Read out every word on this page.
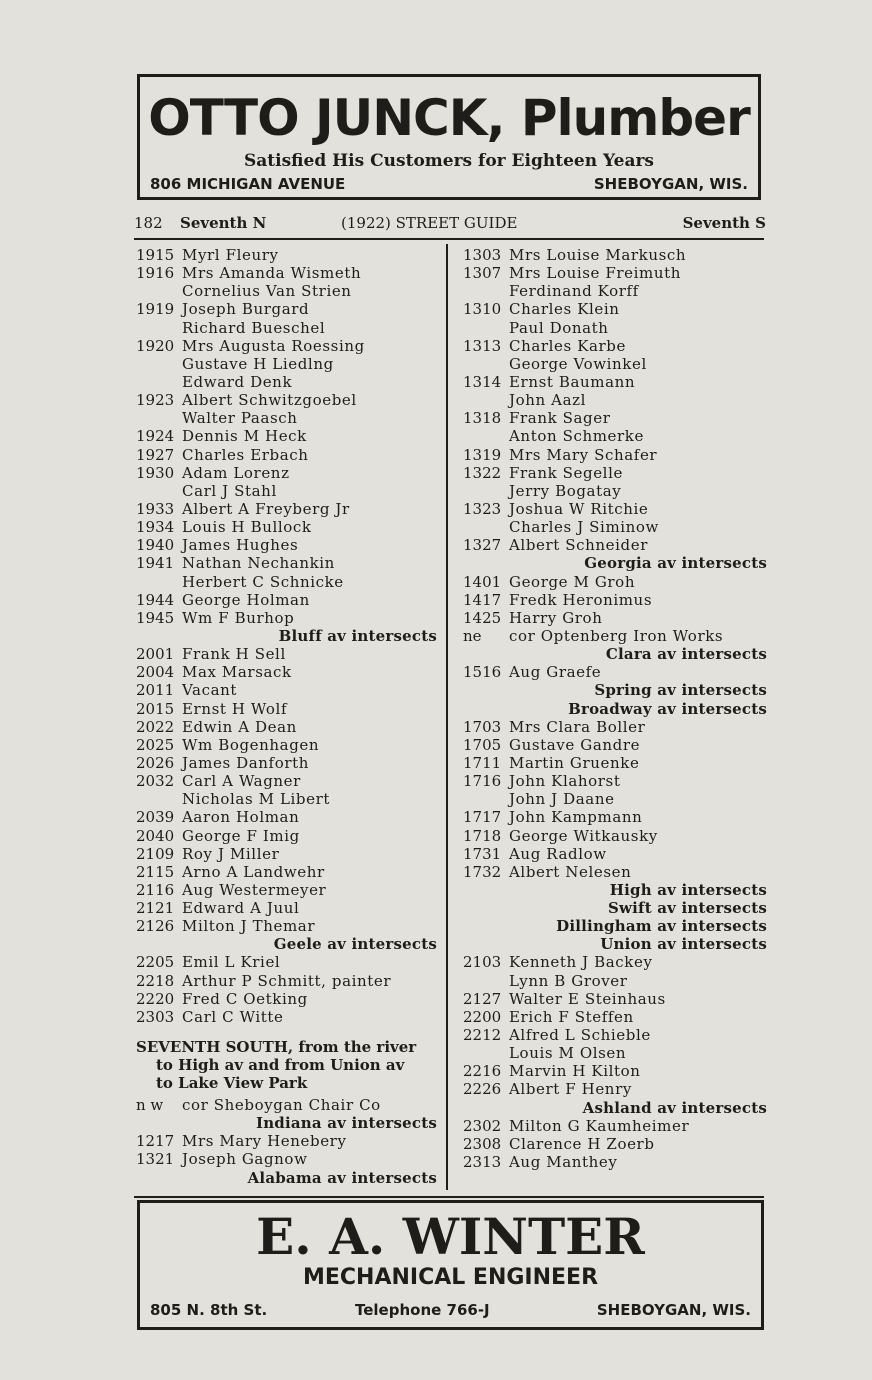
OTTO JUNCK, Plumber
Satisfied His Customers for Eighteen Years
806 MICHIGAN AVENUE	SHEBOYGAN, WIS.
182 Seventh N	(1922) STREET GUIDE	Seventh S
1915 Myrl Fleury
1916 Mrs Amanda Wismeth
Cornelius Van Strien
1919 Joseph Burgard
Richard Bueschel
1920 Mrs Augusta Roessing
Gustave H Liedlng
Edward Denk
1923 Albert Schwitzgoebel
Walter Paasch
1924 Dennis M Heck
1927 Charles Erbach
1930 Adam Lorenz
Carl J Stahl
1933 Albert A Freyberg Jr
1934 Louis H Bullock
1940 James Hughes
1941 Nathan Nechankin
Herbert C Schnicke
1944 George Holman
1945 Wm F Burhop
Bluff av intersects
2001 Frank H Sell
2004 Max Marsack
2011 Vacant
2015 Ernst H Wolf
2022 Edwin A Dean
2025 Wm Bogenhagen
2026 James Danforth
2032 Carl A Wagner
Nicholas M Libert
2039 Aaron Holman
2040 George F Imig
2109 Roy J Miller
2115 Arno A Landwehr
2116 Aug Westermeyer
2121 Edward A Juul
2126 Milton J Themar
Geele av intersects
2205 Emil L Kriel
2218 Arthur P Schmitt, painter
2220 Fred C Oetking
2303 Carl C Witte
SEVENTH SOUTH, from the river
to High av and from Union av
to Lake View Park
n w	cor Sheboygan Chair Co
Indiana av intersects
1217 Mrs Mary Henebery
1321 Joseph Gagnow
Alabama av intersects
1303 Mrs Louise Markusch
1307 Mrs Louise Freimuth
Ferdinand Korff
1310 Charles Klein
Paul Donath
1313 Charles Karbe
George Vowinkel
1314 Ernst Baumann
John Aazl
1318 Frank Sager
Anton Schmerke
1319 Mrs Mary Schafer
1322 Frank Segelle
Jerry Bogatay
1323 Joshua W Ritchie
Charles J Siminow
1327 Albert Schneider
Georgia av intersects
1401 George M Groh
1417 Fredk Heronimus
1425 Harry Groh
ne	cor Optenberg Iron Works
Clara av intersects
1516 Aug Graefe
Spring av intersects
Broadway av intersects
1703 Mrs Clara Boller
1705 Gustave Gandre
1711 Martin Gruenke
1716 John Klahorst
John J Daane
1717 John Kampmann
1718 George Witkausky
1731 Aug Radlow
1732 Albert Nelesen
High av intersects
Swift av intersects
Dillingham av intersects
Union av intersects
2103 Kenneth J Backey
Lynn B Grover
2127 Walter E Steinhaus
2200 Erich F Steffen
2212 Alfred L Schieble
Louis M Olsen
2216 Marvin H Kilton
2226 Albert F Henry
Ashland av intersects
2302 Milton G Kaumheimer
2308 Clarence H Zoerb
2313 Aug Manthey
E. A. WINTER
MECHANICAL ENGINEER
805 N. 8th St.	Telephone 766-J	SHEBOYGAN, WIS.
